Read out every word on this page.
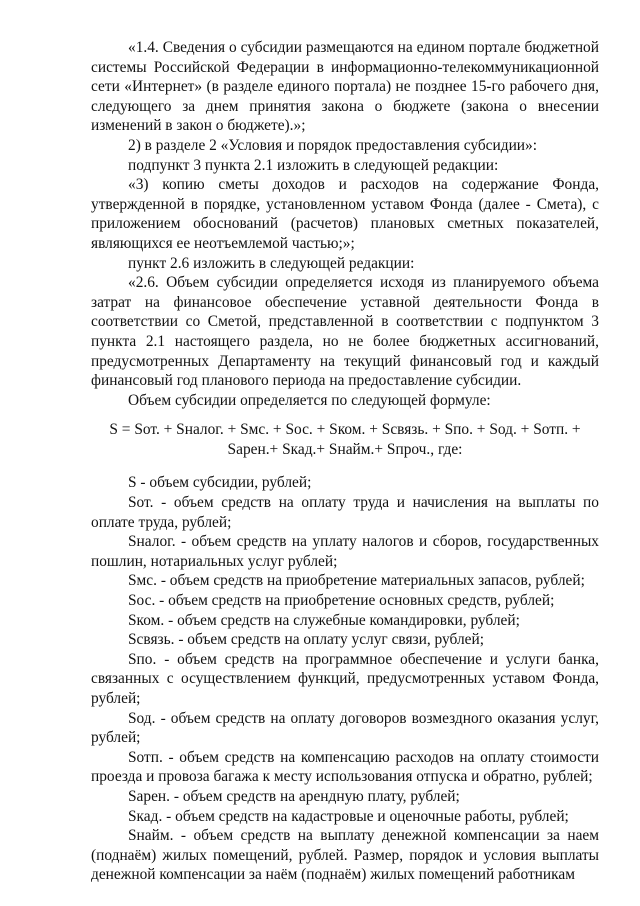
«1.4. Сведения о субсидии размещаются на едином портале бюджетной системы Российской Федерации в информационно-телекоммуникационной сети «Интернет» (в разделе единого портала) не позднее 15-го рабочего дня, следующего за днем принятия закона о бюджете (закона о внесении изменений в закон о бюджете).»;

2) в разделе 2 «Условия и порядок предоставления субсидии»:

подпункт 3 пункта 2.1 изложить в следующей редакции:

«3) копию сметы доходов и расходов на содержание Фонда, утвержденной в порядке, установленном уставом Фонда (далее - Смета), с приложением обоснований (расчетов) плановых сметных показателей, являющихся ее неотъемлемой частью;»;

пункт 2.6 изложить в следующей редакции:

«2.6. Объем субсидии определяется исходя из планируемого объема затрат на финансовое обеспечение уставной деятельности Фонда в соответствии со Сметой, представленной в соответствии с подпунктом 3 пункта 2.1 настоящего раздела, но не более бюджетных ассигнований, предусмотренных Департаменту на текущий финансовый год и каждый финансовый год планового периода на предоставление субсидии.

Объем субсидии определяется по следующей формуле:

S = Sот. + Sналог. + Sмс. + Sос. + Sком. + Sсвязь. + Sпо. + Sод. + Sотп. +
Sарен.+ Sкад.+ Sнайм.+ Sпроч., где:

S - объем субсидии, рублей;

Sот. - объем средств на оплату труда и начисления на выплаты по оплате труда, рублей;

Sналог. - объем средств на уплату налогов и сборов, государственных пошлин, нотариальных услуг рублей;

Sмс. - объем средств на приобретение материальных запасов, рублей;

Sос. - объем средств на приобретение основных средств, рублей;

Sком. - объем средств на служебные командировки, рублей;

Sсвязь. - объем средств на оплату услуг связи, рублей;

Sпо. - объем средств на программное обеспечение и услуги банка, связанных с осуществлением функций, предусмотренных уставом Фонда, рублей;

Sод. - объем средств на оплату договоров возмездного оказания услуг, рублей;

Sотп. - объем средств на компенсацию расходов на оплату стоимости проезда и провоза багажа к месту использования отпуска и обратно, рублей;

Sарен. - объем средств на арендную плату, рублей;

Sкад. - объем средств на кадастровые и оценочные работы, рублей;

Sнайм. - объем средств на выплату денежной компенсации за наем (поднаём) жилых помещений, рублей. Размер, порядок и условия выплаты денежной компенсации за наём (поднаём) жилых помещений работникам
